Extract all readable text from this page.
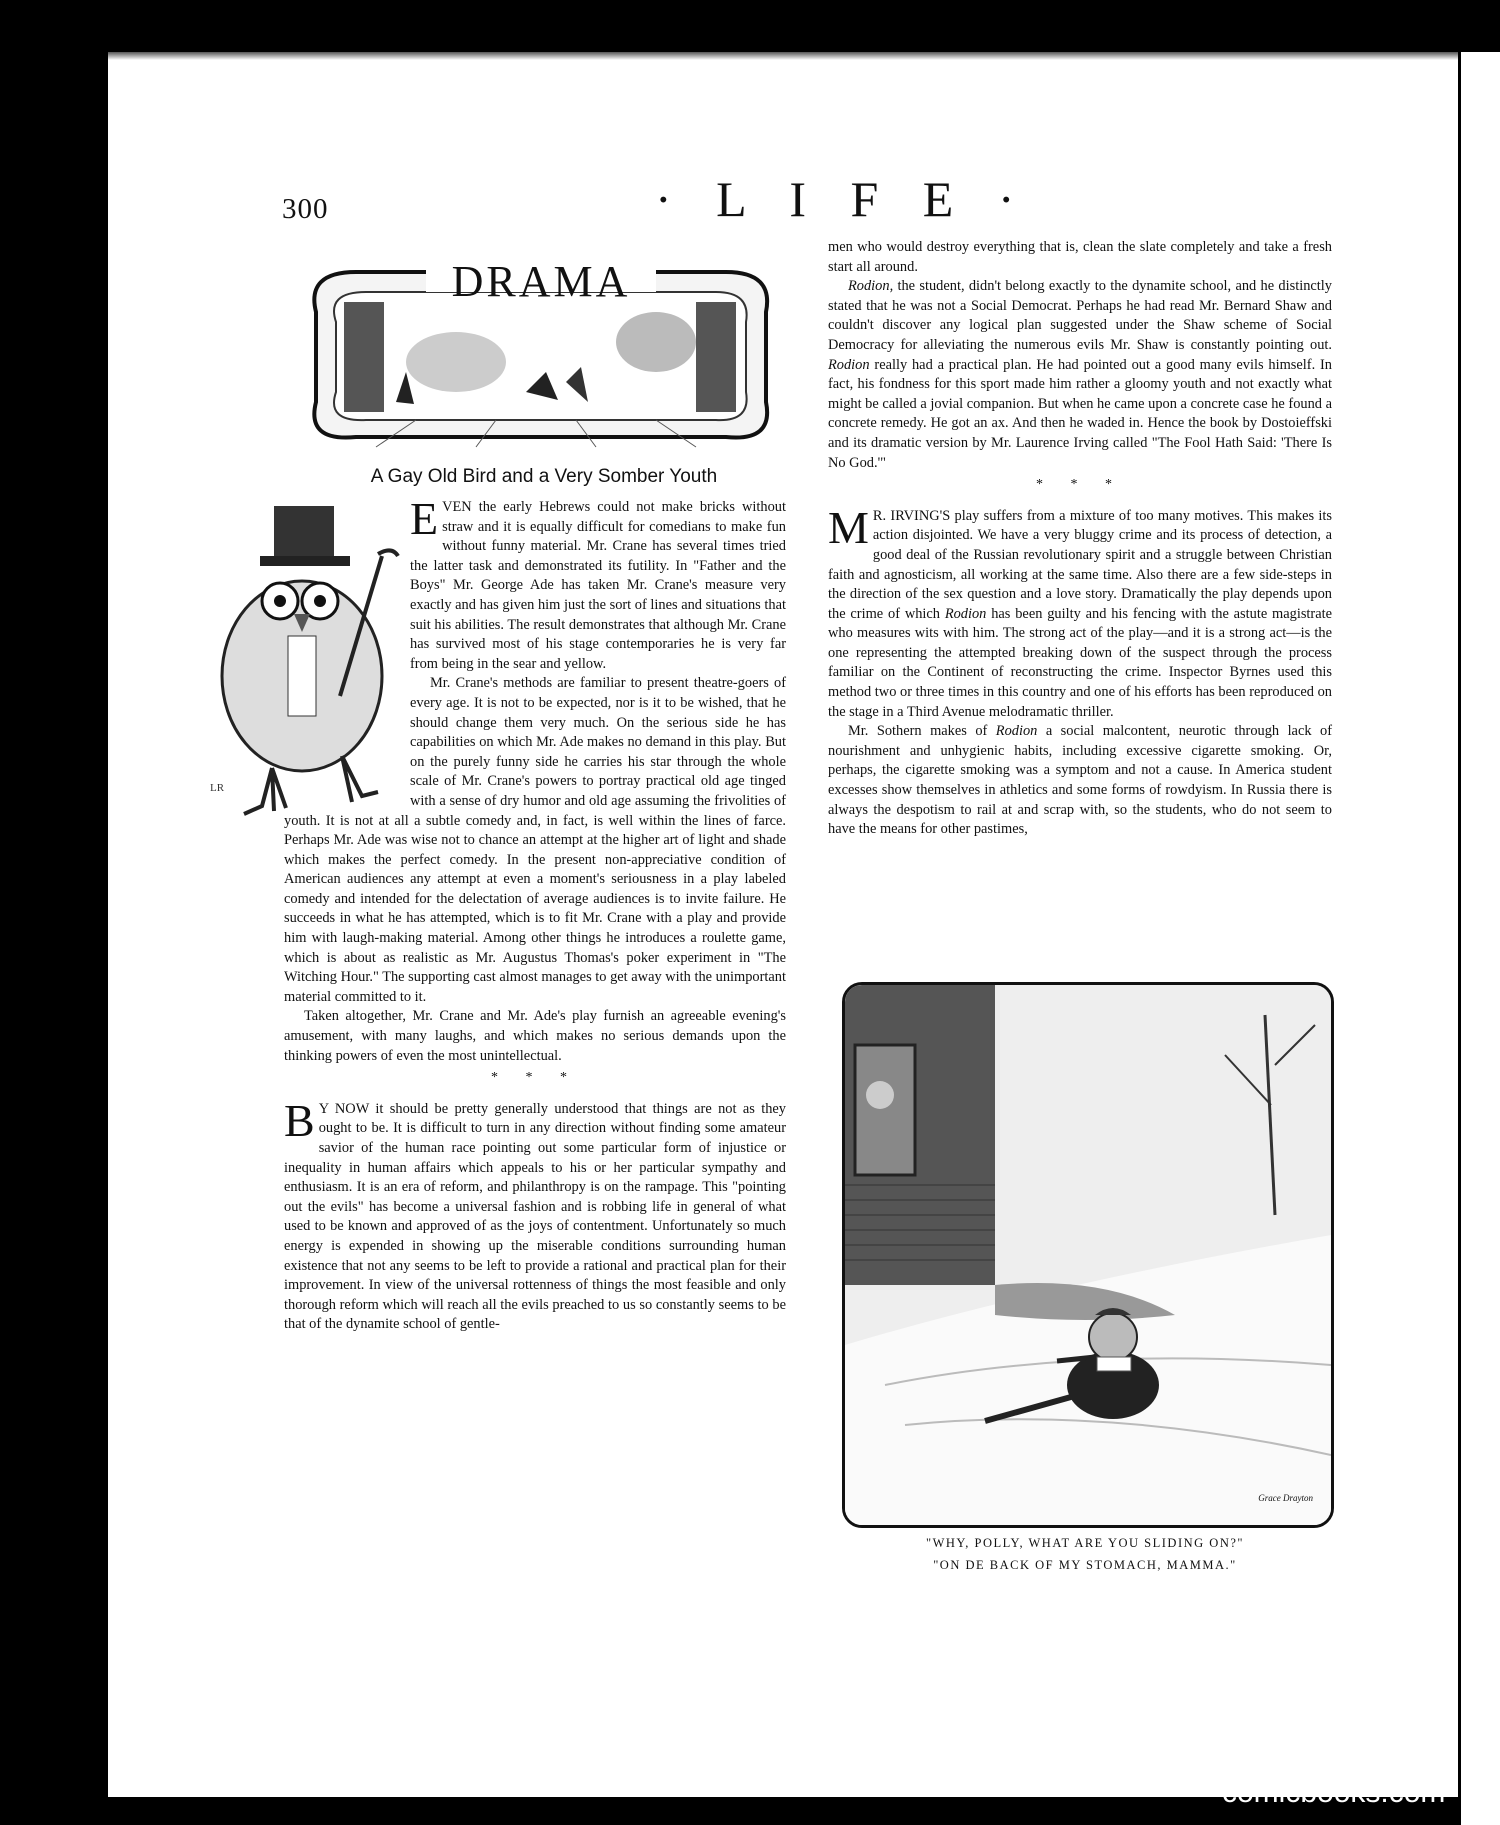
300	· L I F E ·
DRAMA
A Gay Old Bird and a Very Somber Youth
LR

EVEN the early Hebrews could not make bricks without straw and it is equally difficult for comedians to make fun without funny material. Mr. Crane has several times tried the latter task and demonstrated its futility. In "Father and the Boys" Mr. George Ade has taken Mr. Crane's measure very exactly and has given him just the sort of lines and situations that suit his abilities. The result demonstrates that although Mr. Crane has survived most of his stage contemporaries he is very far from being in the sear and yellow.

Mr. Crane's methods are familiar to present theatre-goers of every age. It is not to be expected, nor is it to be wished, that he should change them very much. On the serious side he has capabilities on which Mr. Ade makes no demand in this play. But on the purely funny side he carries his star through the whole scale of Mr. Crane's powers to portray practical old age tinged with a sense of dry humor and old age assuming the frivolities of youth. It is not at all a subtle comedy and, in fact, is well within the lines of farce. Perhaps Mr. Ade was wise not to chance an attempt at the higher art of light and shade which makes the perfect comedy. In the present non-appreciative condition of American audiences any attempt at even a moment's seriousness in a play labeled comedy and intended for the delectation of average audiences is to invite failure. He succeeds in what he has attempted, which is to fit Mr. Crane with a play and provide him with laugh-making material. Among other things he introduces a roulette game, which is about as realistic as Mr. Augustus Thomas's poker experiment in "The Witching Hour." The supporting cast almost manages to get away with the unimportant material committed to it.

Taken altogether, Mr. Crane and Mr. Ade's play furnish an agreeable evening's amusement, with many laughs, and which makes no serious demands upon the thinking powers of even the most unintellectual.

* * *

B Y NOW it should be pretty generally understood that things are not as they ought to be. It is difficult to turn in any direction without finding some amateur savior of the human race pointing out some particular form of injustice or inequality in human affairs which appeals to his or her particular sympathy and enthusiasm. It is an era of reform, and philanthropy is on the rampage. This "pointing out the evils" has become a universal fashion and is robbing life in general of what used to be known and approved of as the joys of contentment. Unfortunately so much energy is expended in showing up the miserable conditions surrounding human existence that not any seems to be left to provide a rational and practical plan for their improvement. In view of the universal rottenness of things the most feasible and only thorough reform which will reach all the evils preached to us so constantly seems to be that of the dynamite school of gentle-

men who would destroy everything that is, clean the slate completely and take a fresh start all around.

Rodion, the student, didn't belong exactly to the dynamite school, and he distinctly stated that he was not a Social Democrat. Perhaps he had read Mr. Bernard Shaw and couldn't discover any logical plan suggested under the Shaw scheme of Social Democracy for alleviating the numerous evils Mr. Shaw is constantly pointing out. Rodion really had a practical plan. He had pointed out a good many evils himself. In fact, his fondness for this sport made him rather a gloomy youth and not exactly what might be called a jovial companion. But when he came upon a concrete case he found a concrete remedy. He got an ax. And then he waded in. Hence the book by Dostoieffski and its dramatic version by Mr. Laurence Irving called "The Fool Hath Said: 'There Is No God.'"

* * *

M R. IRVING'S play suffers from a mixture of too many motives. This makes its action disjointed. We have a very bluggy crime and its process of detection, a good deal of the Russian revolutionary spirit and a struggle between Christian faith and agnosticism, all working at the same time. Also there are a few side-steps in the direction of the sex question and a love story. Dramatically the play depends upon the crime of which Rodion has been guilty and his fencing with the astute magistrate who measures wits with him. The strong act of the play—and it is a strong act—is the one representing the attempted breaking down of the suspect through the process familiar on the Continent of reconstructing the crime. Inspector Byrnes used this method two or three times in this country and one of his efforts has been reproduced on the stage in a Third Avenue melodramatic thriller.

Mr. Sothern makes of Rodion a social malcontent, neurotic through lack of nourishment and unhygienic habits, including excessive cigarette smoking. Or, perhaps, the cigarette smoking was a symptom and not a cause. In America student excesses show themselves in athletics and some forms of rowdyism. In Russia there is always the despotism to rail at and scrap with, so the students, who do not seem to have the means for other pastimes,

Grace Drayton
"WHY, POLLY, WHAT ARE YOU SLIDING ON?"
"ON DE BACK OF MY STOMACH, MAMMA."
comicbooks.com
